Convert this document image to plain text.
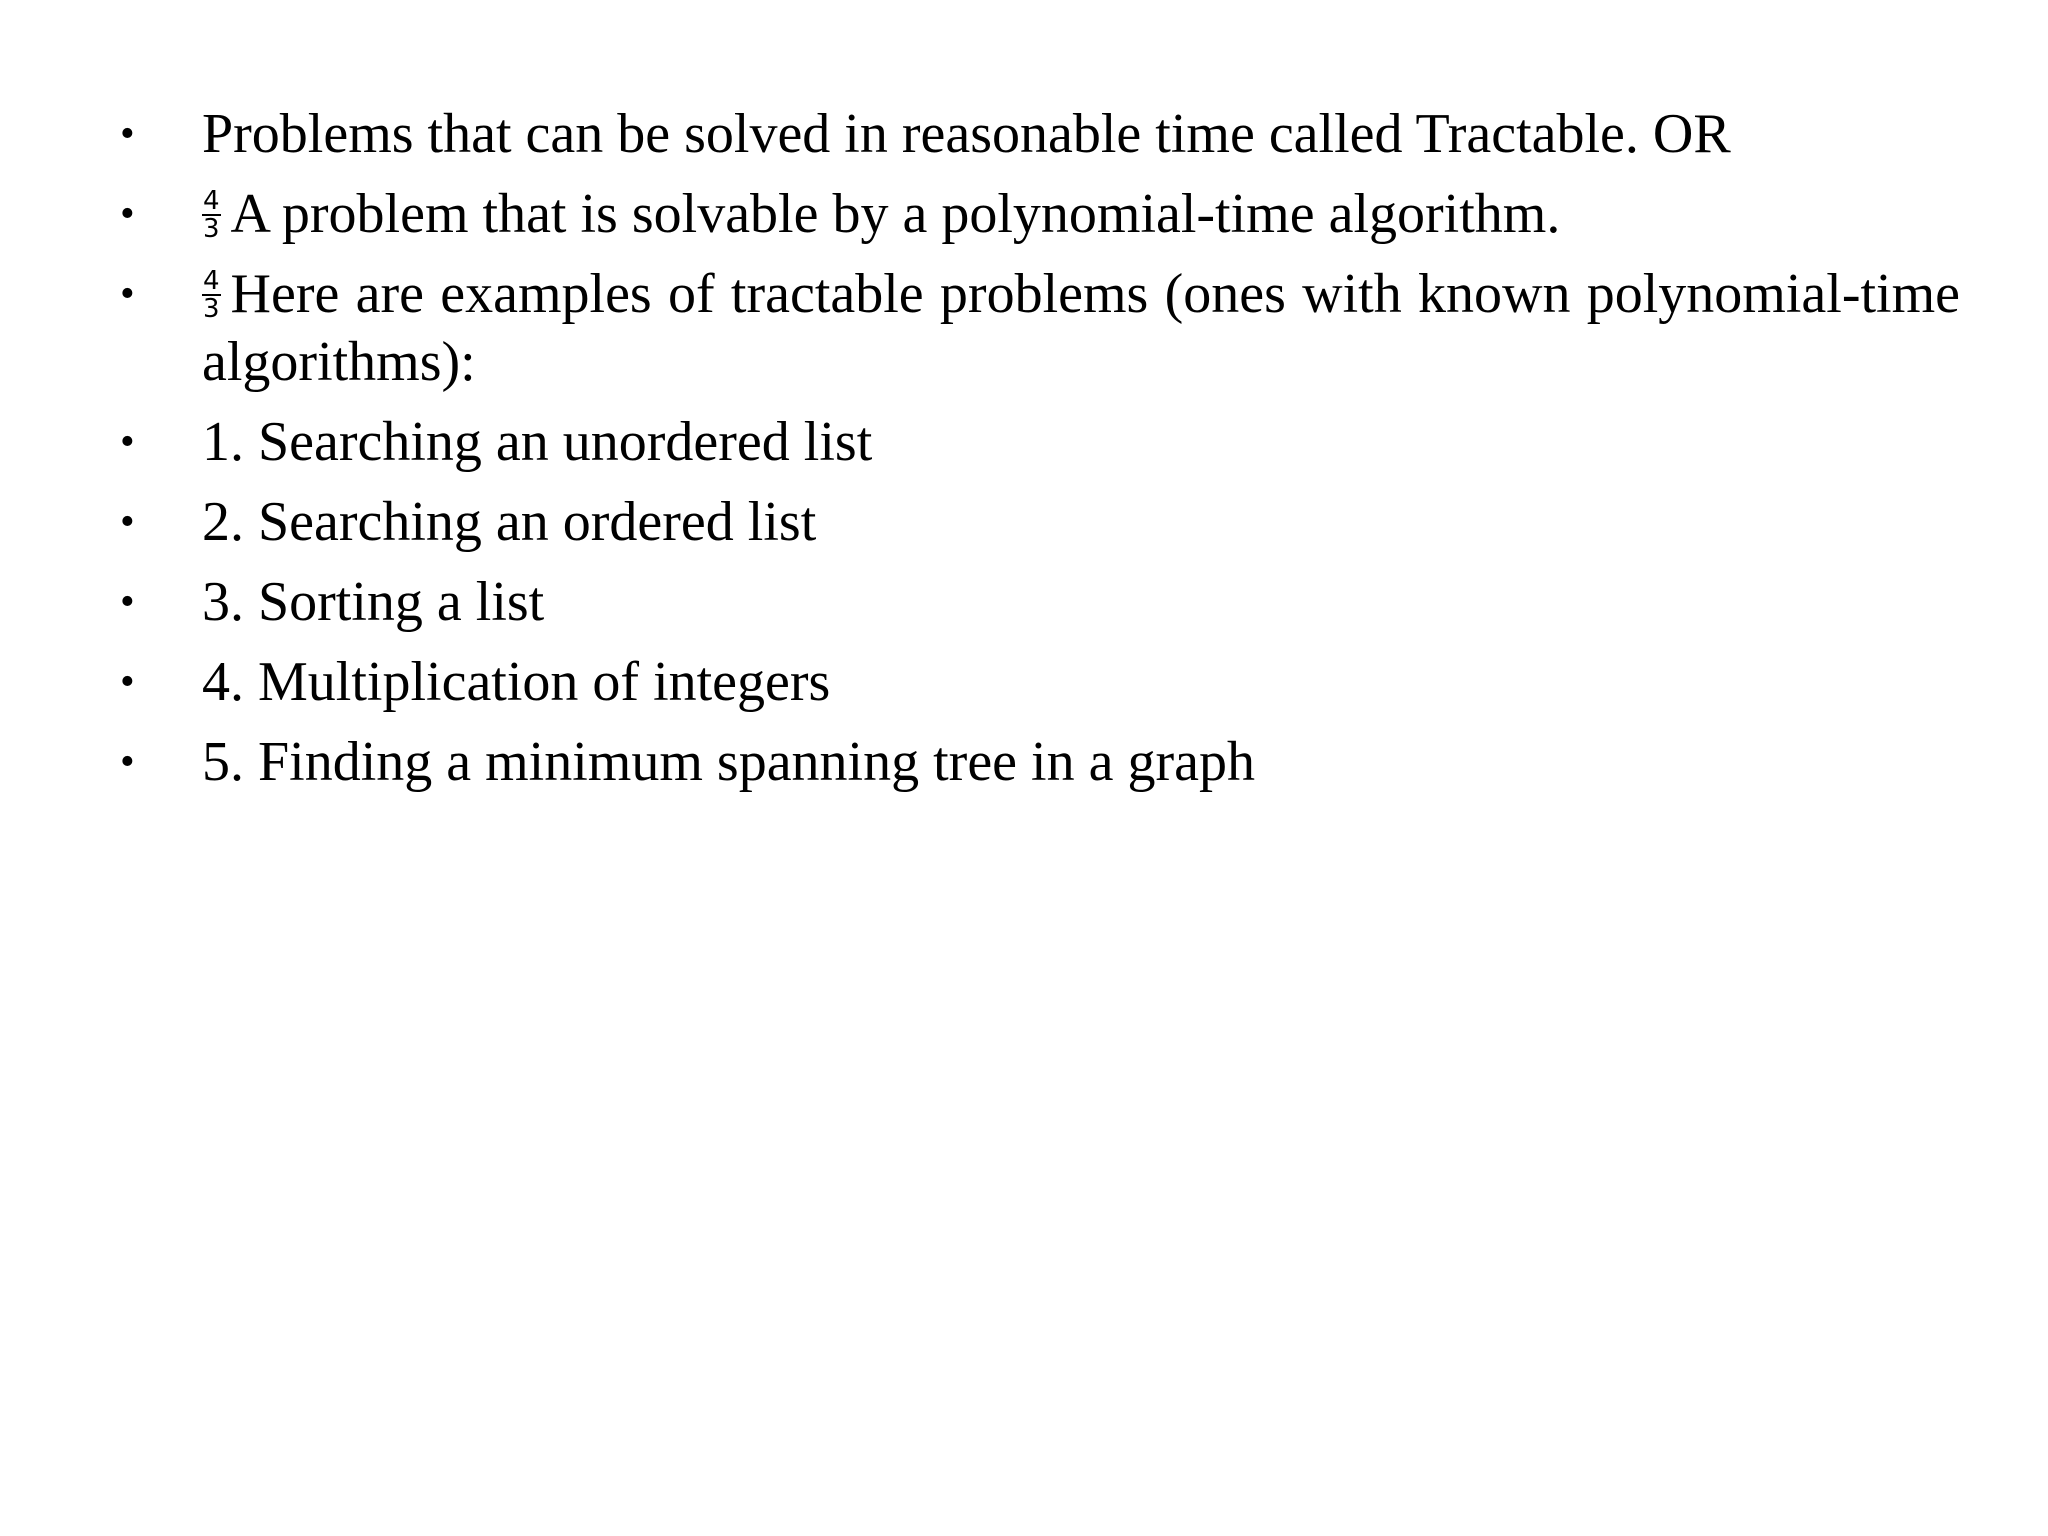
•	Problems that can be solved in reasonable time called Tractable. OR
•	$\frac{4}{3}$ A problem that is solvable by a polynomial-time algorithm.
•	$\frac{4}{3}$ Here are examples of tractable problems (ones with known polynomial-time algorithms):
•	1. Searching an unordered list
•	2. Searching an ordered list
•	3. Sorting a list
•	4. Multiplication of integers
•	5. Finding a minimum spanning tree in a graph
